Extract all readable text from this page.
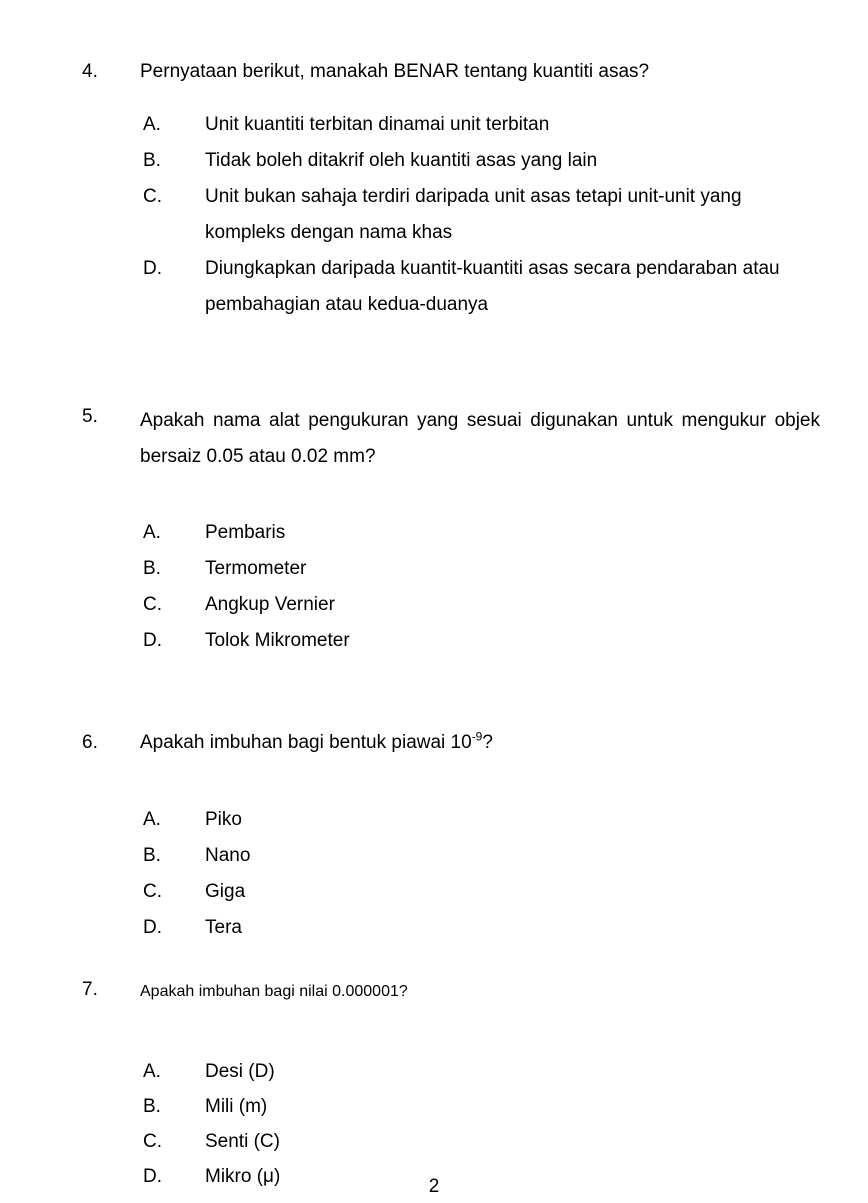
4.	Pernyataan berikut, manakah BENAR tentang kuantiti asas?
A.	Unit kuantiti terbitan dinamai unit terbitan
B.	Tidak boleh ditakrif oleh kuantiti asas yang lain
C.	Unit bukan sahaja terdiri daripada unit asas tetapi unit-unit yang kompleks dengan nama khas
D.	Diungkapkan daripada kuantit-kuantiti asas secara pendaraban atau pembahagian atau kedua-duanya
5.	Apakah nama alat pengukuran yang sesuai digunakan untuk mengukur objek bersaiz 0.05 atau 0.02 mm?
A.	Pembaris
B.	Termometer
C.	Angkup Vernier
D.	Tolok Mikrometer
6.	Apakah imbuhan bagi bentuk piawai $10^{-9}$?
A.	Piko
B.	Nano
C.	Giga
D.	Tera
7.	Apakah imbuhan bagi nilai 0.000001?
A.	Desi (D)
B.	Mili (m)
C.	Senti (C)
D.	Mikro (μ)	2
